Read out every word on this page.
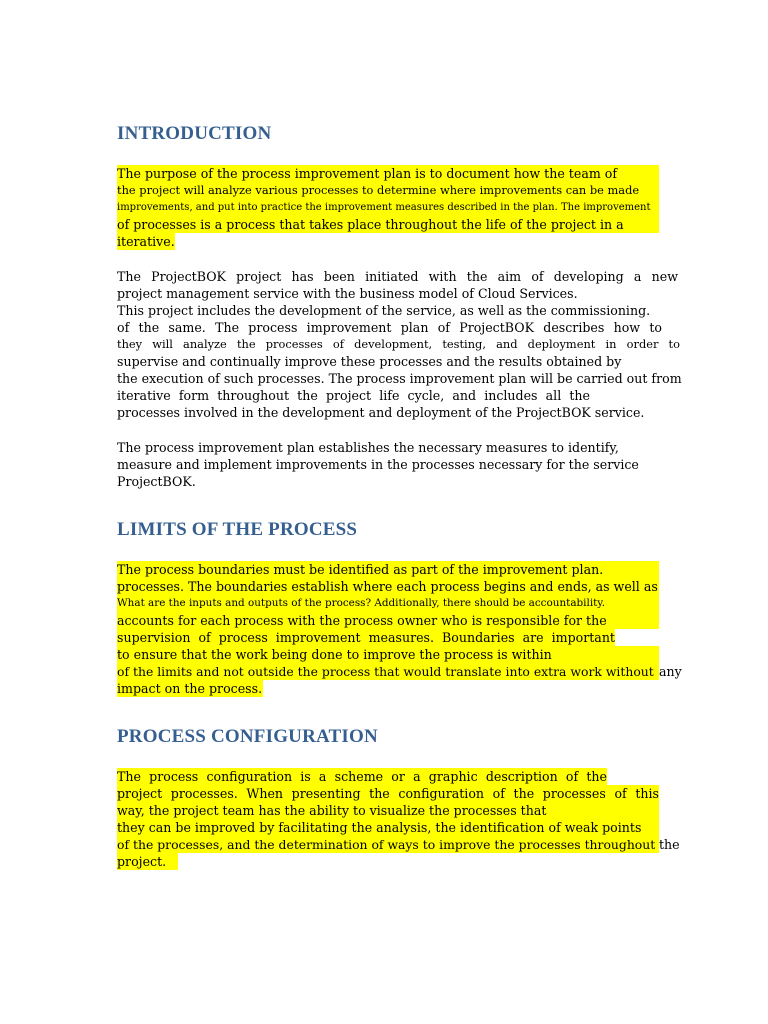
INTRODUCTION
The purpose of the process improvement plan is to document how the team of
the project will analyze various processes to determine where improvements can be made
improvements, and put into practice the improvement measures described in the plan. The improvement
of processes is a process that takes place throughout the life of the project in a
iterative.
The ProjectBOK project has been initiated with the aim of developing a new
project management service with the business model of Cloud Services.
This project includes the development of the service, as well as the commissioning.
of the same. The process improvement plan of ProjectBOK describes how to
they will analyze the processes of development, testing, and deployment in order to
supervise and continually improve these processes and the results obtained by
the execution of such processes. The process improvement plan will be carried out from
iterative form throughout the project life cycle, and includes all the
processes involved in the development and deployment of the ProjectBOK service.
The process improvement plan establishes the necessary measures to identify,
measure and implement improvements in the processes necessary for the service
ProjectBOK.
LIMITS OF THE PROCESS
The process boundaries must be identified as part of the improvement plan.
processes. The boundaries establish where each process begins and ends, as well as
What are the inputs and outputs of the process? Additionally, there should be accountability.
accounts for each process with the process owner who is responsible for the
supervision of process improvement measures. Boundaries are important
to ensure that the work being done to improve the process is within
of the limits and not outside the process that would translate into extra work without any
impact on the process.
PROCESS CONFIGURATION
The process configuration is a scheme or a graphic description of the
project processes. When presenting the configuration of the processes of this
way, the project team has the ability to visualize the processes that
they can be improved by facilitating the analysis, the identification of weak points
of the processes, and the determination of ways to improve the processes throughout the
project.
